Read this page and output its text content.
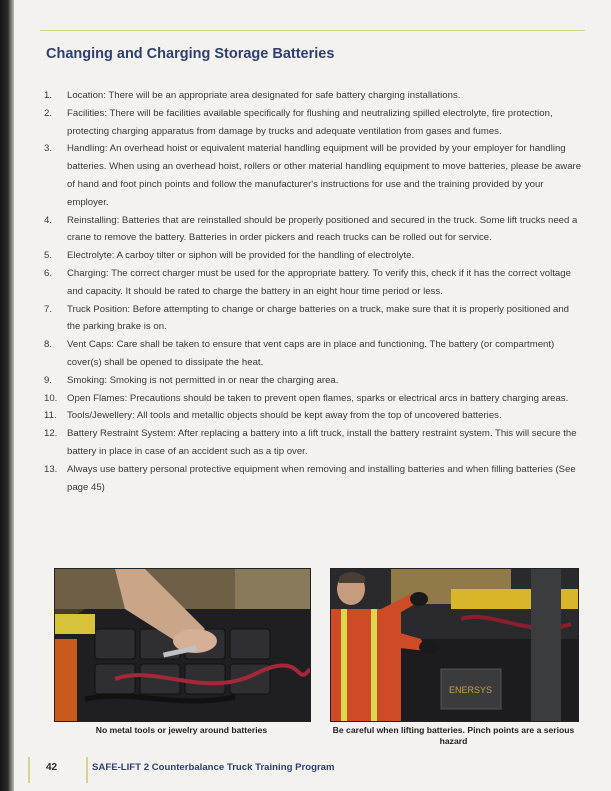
Changing and Charging Storage Batteries
1. Location: There will be an appropriate area designated for safe battery charging installations.
2. Facilities: There will be facilities available specifically for flushing and neutralizing spilled electrolyte, fire protection, protecting charging apparatus from damage by trucks and adequate ventilation from gases and fumes.
3. Handling: An overhead hoist or equivalent material handling equipment will be provided by your employer for handling batteries. When using an overhead hoist, rollers or other material handling equipment to move batteries, please be aware of hand and foot pinch points and follow the manufacturer's instructions for use and the training provided by your employer.
4. Reinstalling: Batteries that are reinstalled should be properly positioned and secured in the truck. Some lift trucks need a crane to remove the battery. Batteries in order pickers and reach trucks can be rolled out for service.
5. Electrolyte: A carboy tilter or siphon will be provided for the handling of electrolyte.
6. Charging: The correct charger must be used for the appropriate battery. To verify this, check if it has the correct voltage and capacity. It should be rated to charge the battery in an eight hour time period or less.
7. Truck Position: Before attempting to change or charge batteries on a truck, make sure that it is properly positioned and the parking brake is on.
8. Vent Caps: Care shall be taken to ensure that vent caps are in place and functioning. The battery (or compartment) cover(s) shall be opened to dissipate the heat.
9. Smoking: Smoking is not permitted in or near the charging area.
10. Open Flames: Precautions should be taken to prevent open flames, sparks or electrical arcs in battery charging areas.
11. Tools/Jewellery: All tools and metallic objects should be kept away from the top of uncovered batteries.
12. Battery Restraint System: After replacing a battery into a lift truck, install the battery restraint system. This will secure the battery in place in case of an accident such as a tip over.
13. Always use battery personal protective equipment when removing and installing batteries and when filling batteries (See page 45)
No metal tools or jewelry around batteries
ENERSYS
Be careful when lifting batteries. Pinch points are a serious hazard
42	SAFE-LIFT 2 Counterbalance Truck Training Program
